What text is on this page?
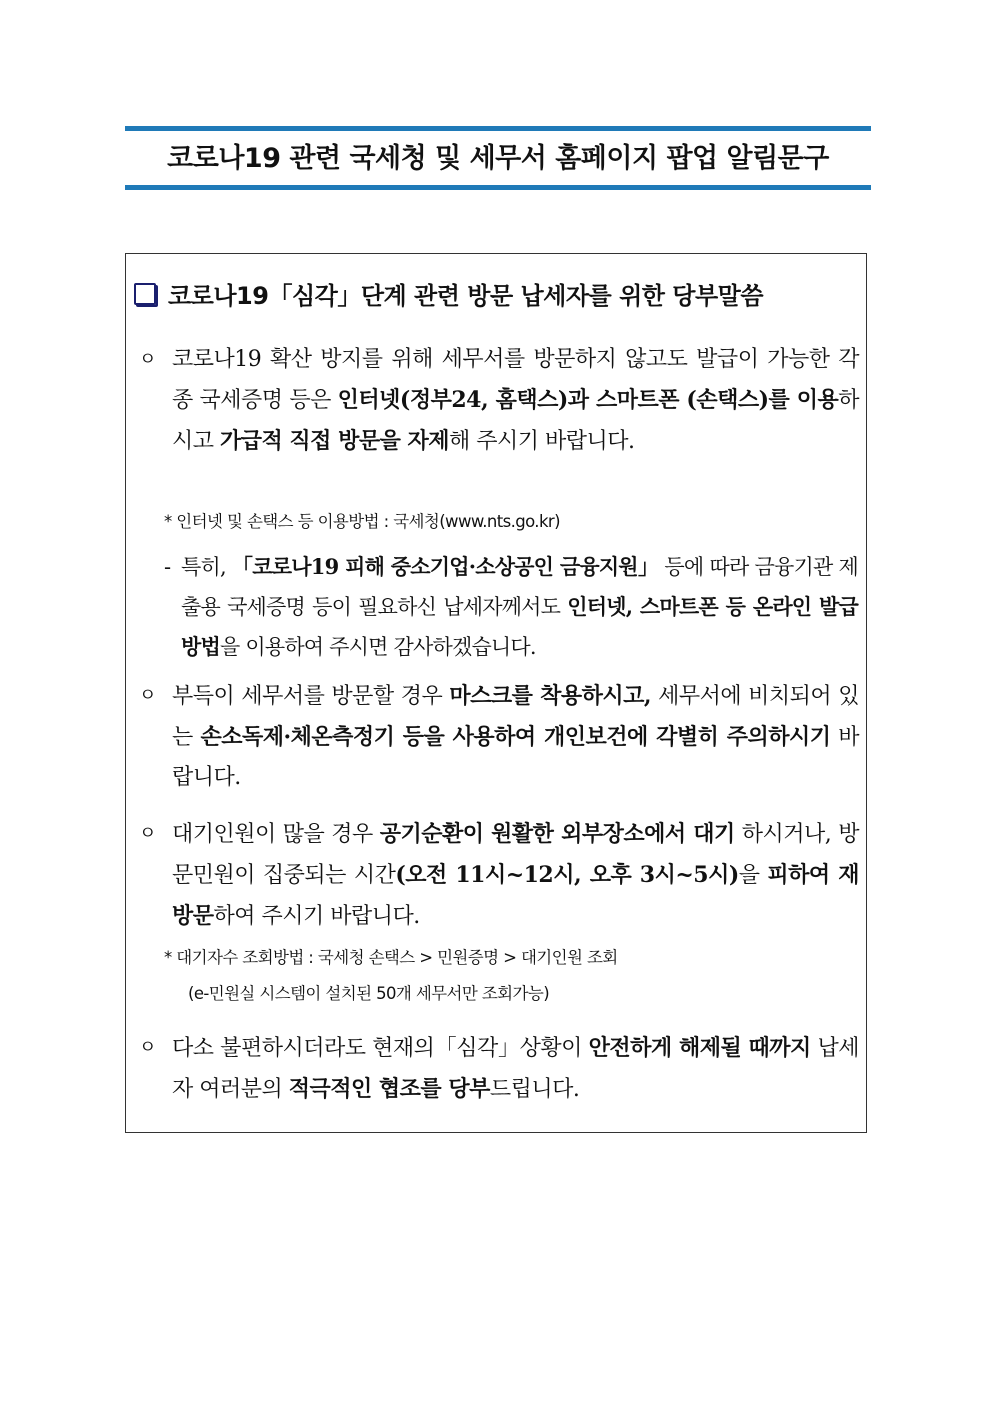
코로나19 관련 국세청 및 세무서 홈페이지 팝업 알림문구
코로나19「심각」단계 관련 방문 납세자를 위한 당부말씀
ㅇ 코로나19 확산 방지를 위해 세무서를 방문하지 않고도 발급이 가능한 각종 국세증명 등은 인터넷(정부24, 홈택스)과 스마트폰 (손택스)를 이용하시고 가급적 직접 방문을 자제해 주시기 바랍니다.
* 인터넷 및 손택스 등 이용방법 : 국세청(www.nts.go.kr)
- 특히, 「코로나19 피해 중소기업·소상공인 금융지원」 등에 따라 금융기관 제출용 국세증명 등이 필요하신 납세자께서도 인터넷, 스마트폰 등 온라인 발급방법을 이용하여 주시면 감사하겠습니다.
ㅇ 부득이 세무서를 방문할 경우 마스크를 착용하시고, 세무서에 비치되어 있는 손소독제·체온측정기 등을 사용하여 개인보건에 각별히 주의하시기 바랍니다.
ㅇ 대기인원이 많을 경우 공기순환이 원활한 외부장소에서 대기 하시거나, 방문민원이 집중되는 시간(오전 11시~12시, 오후 3시~5시)을 피하여 재방문하여 주시기 바랍니다.
* 대기자수 조회방법 : 국세청 손택스 > 민원증명 > 대기인원 조회
(e-민원실 시스템이 설치된 50개 세무서만 조회가능)
ㅇ 다소 불편하시더라도 현재의「심각」상황이 안전하게 해제될 때까지 납세자 여러분의 적극적인 협조를 당부드립니다.
